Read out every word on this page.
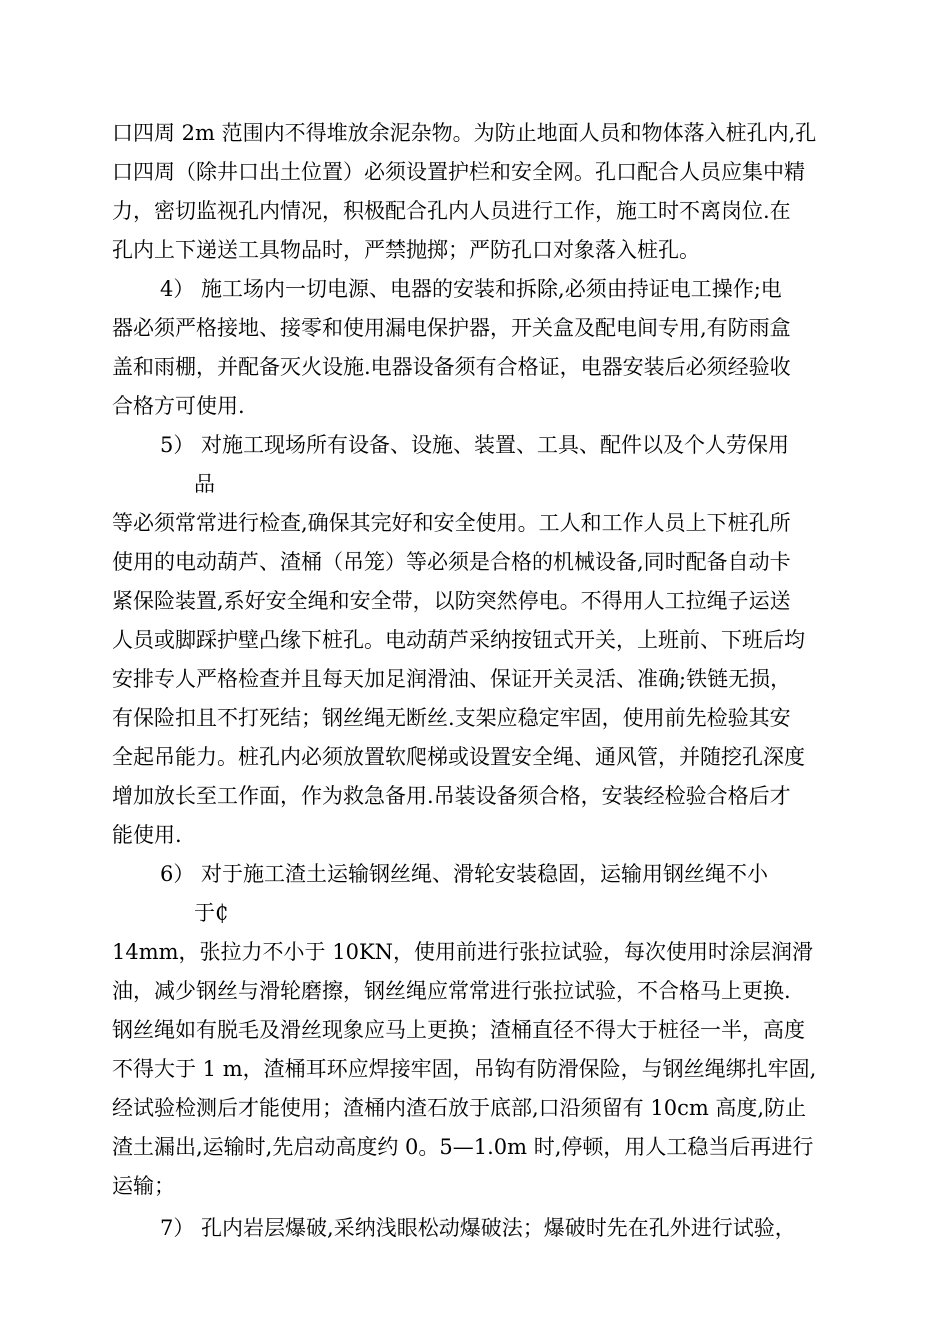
口四周 2m 范围内不得堆放余泥杂物。为防止地面人员和物体落入桩孔内,孔
口四周（除井口出土位置）必须设置护栏和安全网。孔口配合人员应集中精
力，密切监视孔内情况，积极配合孔内人员进行工作，施工时不离岗位.在
孔内上下递送工具物品时，严禁抛掷；严防孔口对象落入桩孔。
4） 施工场内一切电源、电器的安装和拆除,必须由持证电工操作;电
器必须严格接地、接零和使用漏电保护器，开关盒及配电间专用,有防雨盒
盖和雨棚，并配备灭火设施.电器设备须有合格证，电器安装后必须经验收
合格方可使用.
5） 对施工现场所有设备、设施、装置、工具、配件以及个人劳保用
品
等必须常常进行检查,确保其完好和安全使用。工人和工作人员上下桩孔所
使用的电动葫芦、渣桶（吊笼）等必须是合格的机械设备,同时配备自动卡
紧保险装置,系好安全绳和安全带，以防突然停电。不得用人工拉绳子运送
人员或脚踩护壁凸缘下桩孔。电动葫芦采纳按钮式开关，上班前、下班后均
安排专人严格检查并且每天加足润滑油、保证开关灵活、准确;铁链无损，
有保险扣且不打死结；钢丝绳无断丝.支架应稳定牢固，使用前先检验其安
全起吊能力。桩孔内必须放置软爬梯或设置安全绳、通风管，并随挖孔深度
增加放长至工作面，作为救急备用.吊装设备须合格，安装经检验合格后才
能使用.
6） 对于施工渣土运输钢丝绳、滑轮安装稳固，运输用钢丝绳不小
于₵
14mm，张拉力不小于 10KN，使用前进行张拉试验，每次使用时涂层润滑
油，减少钢丝与滑轮磨擦，钢丝绳应常常进行张拉试验，不合格马上更换.
钢丝绳如有脱毛及滑丝现象应马上更换；渣桶直径不得大于桩径一半，高度
不得大于 1 m，渣桶耳环应焊接牢固，吊钩有防滑保险，与钢丝绳绑扎牢固,
经试验检测后才能使用；渣桶内渣石放于底部,口沿须留有 10cm 高度,防止
渣土漏出,运输时,先启动高度约 0。5—1.0m 时,停顿，用人工稳当后再进行
运输；
7） 孔内岩层爆破,采纳浅眼松动爆破法；爆破时先在孔外进行试验，
